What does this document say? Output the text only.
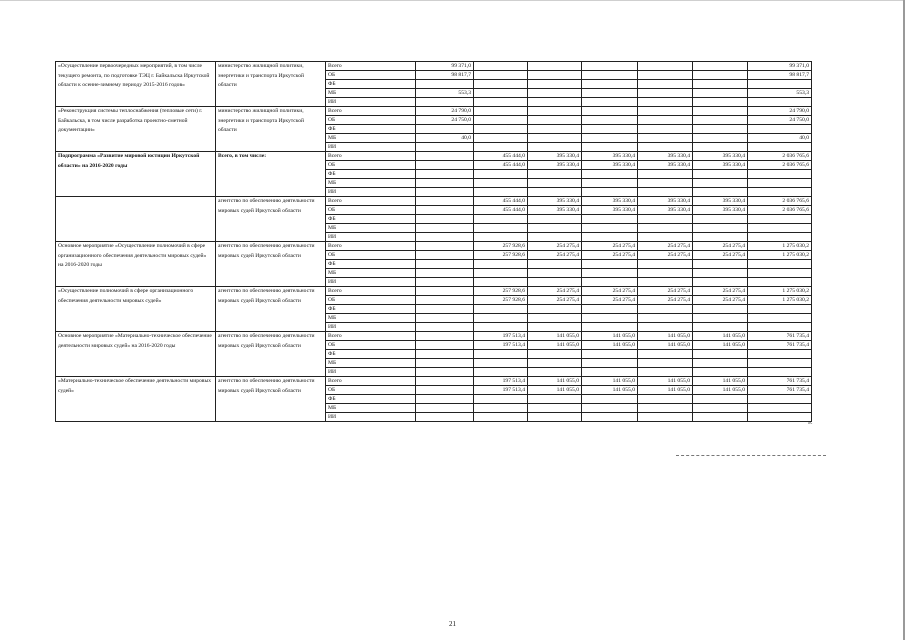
«Осуществление первоочередных мероприятий, в том числе текущего ремонта, по подготовке ТЭЦ г. Байкальска Иркутской области к осенне-зимнему периоду 2015-2016 годов»	министерство жилищной политики, энергетики и транспорта Иркутской области	Всего	99 371,0						99 371,0
		ОБ	98 817,7						98 817,7
		ФБ							
		МБ	553,3						553,3
		ИИ							
«Реконструкция системы теплоснабжения (тепловые сети) г. Байкальска, в том числе разработка проектно-сметной документации»	министерство жилищной политики, энергетики и транспорта Иркутской области	Всего	24 790,0						24 790,0
		ОБ	24 750,0						24 750,0
		ФБ							
		МБ	40,0						40,0
		ИИ							
Подпрограмма «Развитие мировой юстиции Иркутской области» на 2016-2020 годы	Всего, в том числе:	Всего		455 444,0	395 330,4	395 330,4	395 330,4	395 330,4	2 036 765,6
		ОБ		455 444,0	395 330,4	395 330,4	395 330,4	395 330,4	2 036 765,6
		ФБ							
		МБ							
		ИИ							
	агентство по обеспечению деятельности мировых судей Иркутской области	Всего		455 444,0	395 330,4	395 330,4	395 330,4	395 330,4	2 036 765,6
		ОБ		455 444,0	395 330,4	395 330,4	395 330,4	395 330,4	2 036 765,6
		ФБ							
		МБ							
		ИИ							
Основное мероприятие «Осуществление полномочий в сфере организационного обеспечения деятельности мировых судей» на 2016-2020 годы	агентство по обеспечению деятельности мировых судей Иркутской области	Всего		257 928,6	254 275,4	254 275,4	254 275,4	254 275,4	1 275 030,2
		ОБ		257 928,6	254 275,4	254 275,4	254 275,4	254 275,4	1 275 030,2
		ФБ							
		МБ							
		ИИ							
«Осуществление полномочий в сфере организационного обеспечения деятельности мировых судей»	агентство по обеспечению деятельности мировых судей Иркутской области	Всего		257 928,6	254 275,4	254 275,4	254 275,4	254 275,4	1 275 030,2
		ОБ		257 928,6	254 275,4	254 275,4	254 275,4	254 275,4	1 275 030,2
		ФБ							
		МБ							
		ИИ							
Основное мероприятие «Материально-техническое обеспечение деятельности мировых судей» на 2016-2020 годы	агентство по обеспечению деятельности мировых судей Иркутской области	Всего		197 513,4	141 055,0	141 055,0	141 055,0	141 055,0	761 735,4
		ОБ		197 513,4	141 055,0	141 055,0	141 055,0	141 055,0	761 735,4
		ФБ							
		МБ							
		ИИ							
«Материально-техническое обеспечение деятельности мировых судей»	агентство по обеспечению деятельности мировых судей Иркутской области	Всего		197 513,4	141 055,0	141 055,0	141 055,0	141 055,0	761 735,4
		ОБ		197 513,4	141 055,0	141 055,0	141 055,0	141 055,0	761 735,4
		ФБ							
		МБ							
		ИИ							
».
21
